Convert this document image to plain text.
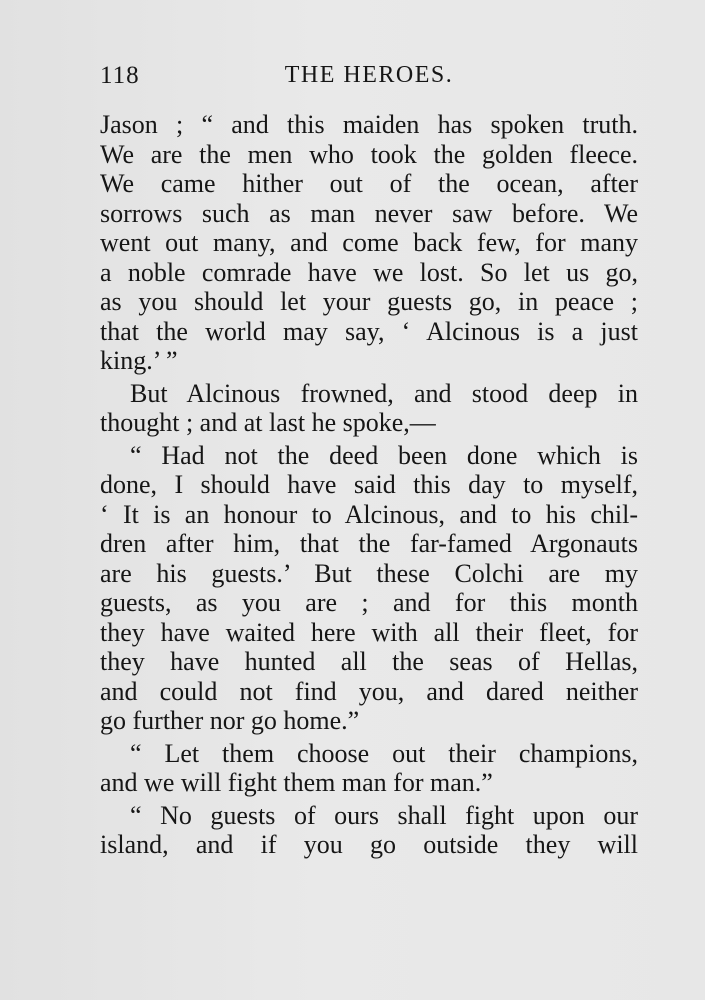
118	THE HEROES.
Jason ; “ and this maiden has spoken truth.
We are the men who took the golden fleece.
We came hither out of the ocean, after
sorrows such as man never saw before. We
went out many, and come back few, for many
a noble comrade have we lost. So let us go,
as you should let your guests go, in peace ;
that the world may say, ‘ Alcinous is a just
king.’ ”
But Alcinous frowned, and stood deep in
thought ; and at last he spoke,—
“ Had not the deed been done which is
done, I should have said this day to myself,
‘ It is an honour to Alcinous, and to his chil-
dren after him, that the far-famed Argonauts
are his guests.’ But these Colchi are my
guests, as you are ; and for this month
they have waited here with all their fleet, for
they have hunted all the seas of Hellas,
and could not find you, and dared neither
go further nor go home.”
“ Let them choose out their champions,
and we will fight them man for man.”
“ No guests of ours shall fight upon our
island, and if you go outside they will
